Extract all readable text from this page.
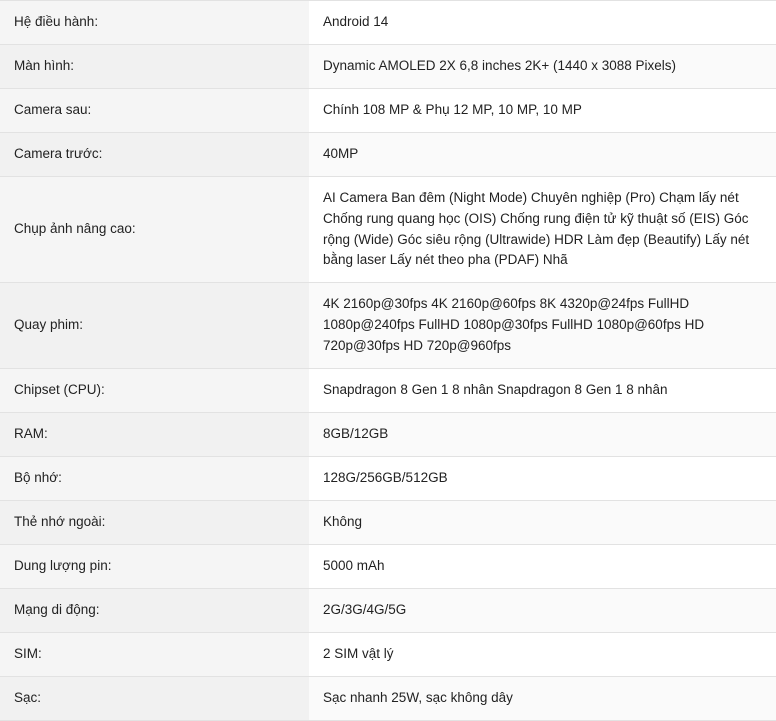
Hệ điều hành:	Android 14
Màn hình:	Dynamic AMOLED 2X 6,8 inches 2K+ (1440 x 3088 Pixels)
Camera sau:	Chính 108 MP & Phụ 12 MP, 10 MP, 10 MP
Camera trước:	40MP
Chụp ảnh nâng cao:	AI Camera Ban đêm (Night Mode) Chuyên nghiệp (Pro) Chạm lấy nét Chống rung quang học (OIS) Chống rung điện tử kỹ thuật số (EIS) Góc rộng (Wide) Góc siêu rộng (Ultrawide) HDR Làm đẹp (Beautify) Lấy nét bằng laser Lấy nét theo pha (PDAF) Nhã
Quay phim:	4K 2160p@30fps 4K 2160p@60fps 8K 4320p@24fps FullHD 1080p@240fps FullHD 1080p@30fps FullHD 1080p@60fps HD 720p@30fps HD 720p@960fps
Chipset (CPU):	Snapdragon 8 Gen 1 8 nhân Snapdragon 8 Gen 1 8 nhân
RAM:	8GB/12GB
Bộ nhớ:	128G/256GB/512GB
Thẻ nhớ ngoài:	Không
Dung lượng pin:	5000 mAh
Mạng di động:	2G/3G/4G/5G
SIM:	2 SIM vật lý
Sạc:	Sạc nhanh 25W, sạc không dây
